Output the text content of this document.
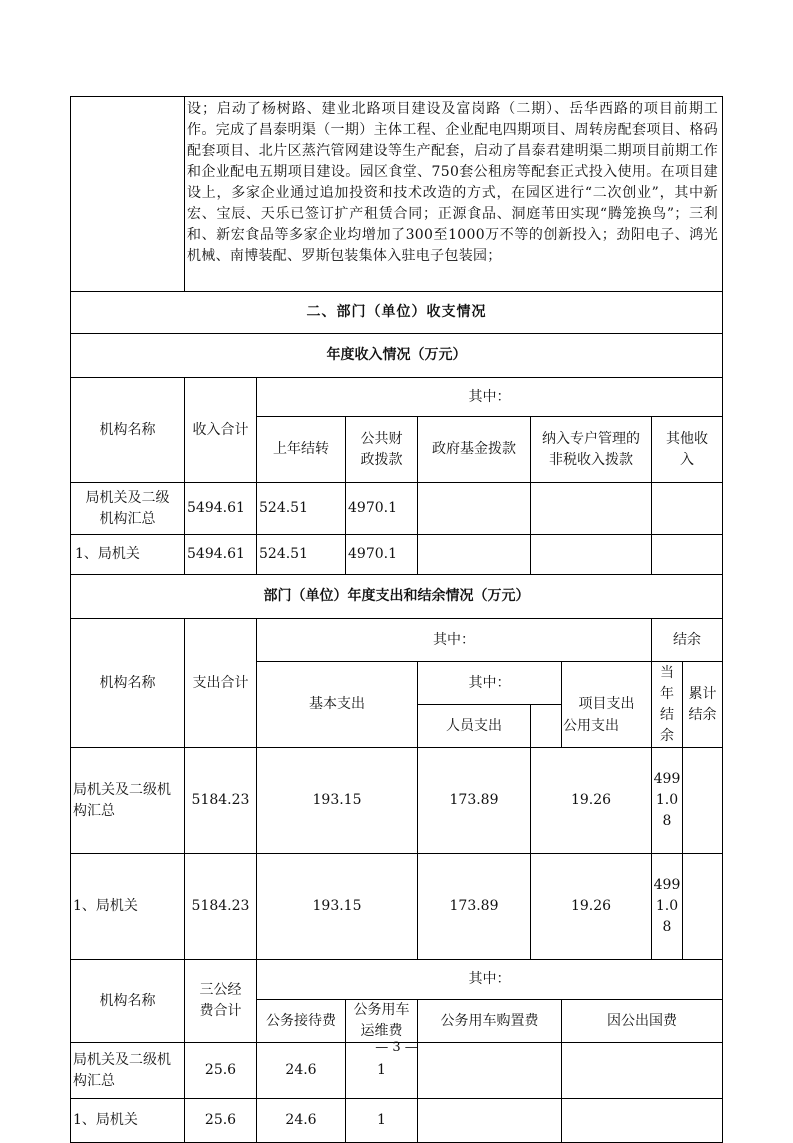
	设；启动了杨树路、建业北路项目建设及富岗路（二期）、岳华西路的项目前期工作。完成了昌泰明渠（一期）主体工程、企业配电四期项目、周转房配套项目、格码配套项目、北片区蒸汽管网建设等生产配套，启动了昌泰君建明渠二期项目前期工作和企业配电五期项目建设。园区食堂、750套公租房等配套正式投入使用。在项目建设上，多家企业通过追加投资和技术改造的方式，在园区进行“二次创业”，其中新宏、宝辰、天乐已签订扩产租赁合同；正源食品、洞庭苇田实现“腾笼换鸟”；三利和、新宏食品等多家企业均增加了300至1000万不等的创新投入；劲阳电子、鸿光机械、南博装配、罗斯包装集体入驻电子包装园；								
二、部门（单位）收支情况									
年度收入情况（万元）									
机构名称	收入合计	其中：							
		上年结转	公共财政拨款	政府基金拨款	纳入专户管理的非税收入拨款		其他收入		
局机关及二级机构汇总	5494.61	524.51	4970.1						
1、局机关	5494.61	524.51	4970.1						
部门（单位）年度支出和结余情况（万元）									
机构名称	支出合计	其中：					结余		
		基本支出		其中：		项目支出	当年结余	累计结余	
				人员支出	公用支出				
局机关及二级机构汇总	5184.23	193.15		173.89	19.26		4991.08		
1、局机关	5184.23	193.15		173.89	19.26		4991.08		
机构名称	三公经费合计	其中：							
		公务接待费	公务用车运维费	公务用车购置费		因公出国费			
局机关及二级机构汇总	25.6	24.6	1						
1、局机关	25.6	24.6	1						
— 3 —
